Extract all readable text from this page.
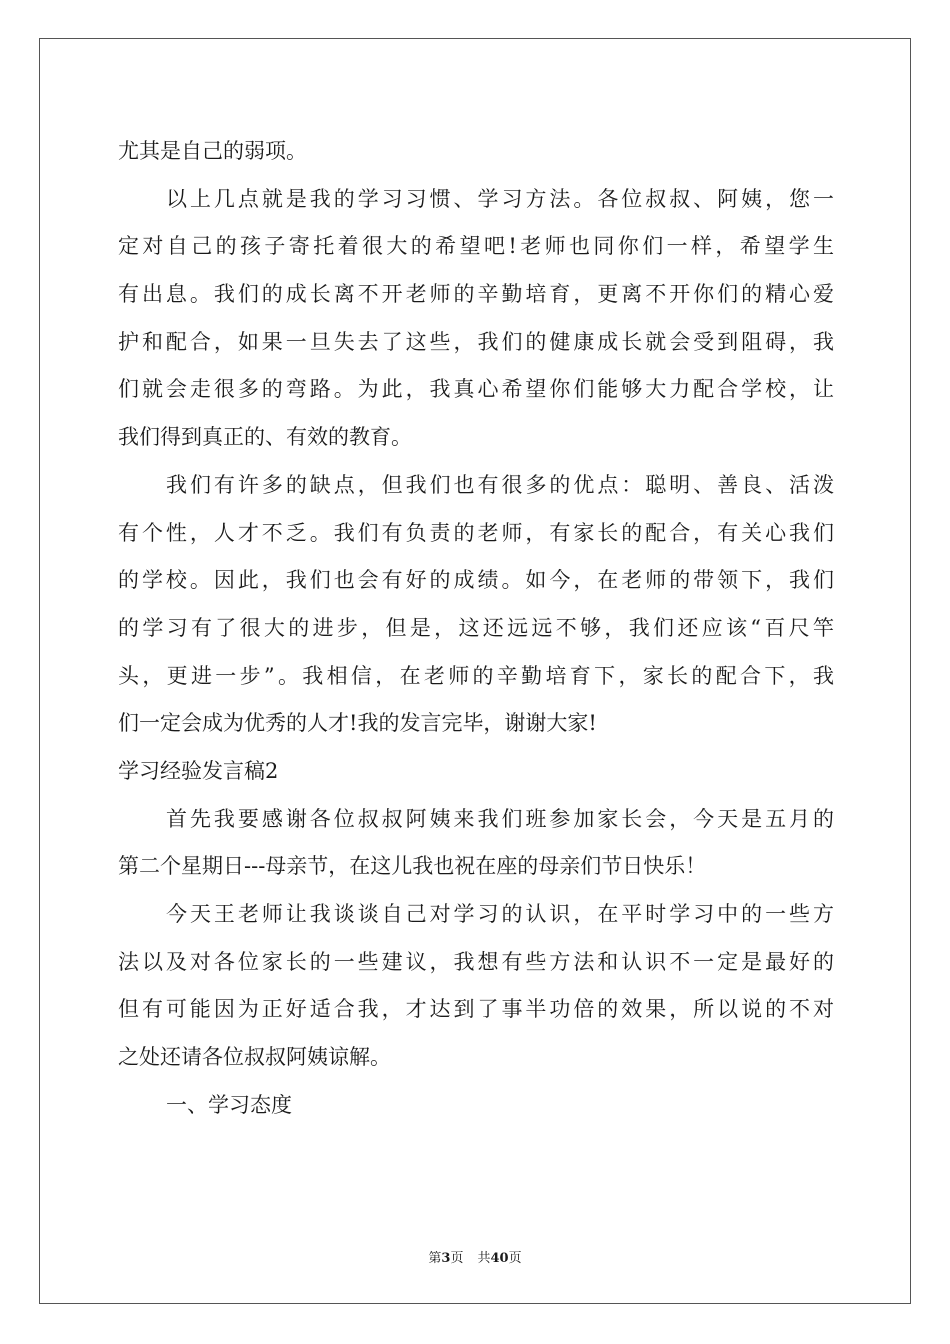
尤其是自己的弱项。
以上几点就是我的学习习惯、学习方法。各位叔叔、阿姨，您一
定对自己的孩子寄托着很大的希望吧!老师也同你们一样，希望学生
有出息。我们的成长离不开老师的辛勤培育，更离不开你们的精心爱
护和配合，如果一旦失去了这些，我们的健康成长就会受到阻碍，我
们就会走很多的弯路。为此，我真心希望你们能够大力配合学校，让
我们得到真正的、有效的教育。
我们有许多的缺点，但我们也有很多的优点：聪明、善良、活泼
有个性，人才不乏。我们有负责的老师，有家长的配合，有关心我们
的学校。因此，我们也会有好的成绩。如今，在老师的带领下，我们
的学习有了很大的进步，但是，这还远远不够，我们还应该“百尺竿
头，更进一步”。我相信，在老师的辛勤培育下，家长的配合下，我
们一定会成为优秀的人才!我的发言完毕，谢谢大家!
学习经验发言稿2
首先我要感谢各位叔叔阿姨来我们班参加家长会，今天是五月的
第二个星期日---母亲节，在这儿我也祝在座的母亲们节日快乐！
今天王老师让我谈谈自己对学习的认识，在平时学习中的一些方
法以及对各位家长的一些建议，我想有些方法和认识不一定是最好的
但有可能因为正好适合我，才达到了事半功倍的效果，所以说的不对
之处还请各位叔叔阿姨谅解。
一、学习态度
第3页 共40页
